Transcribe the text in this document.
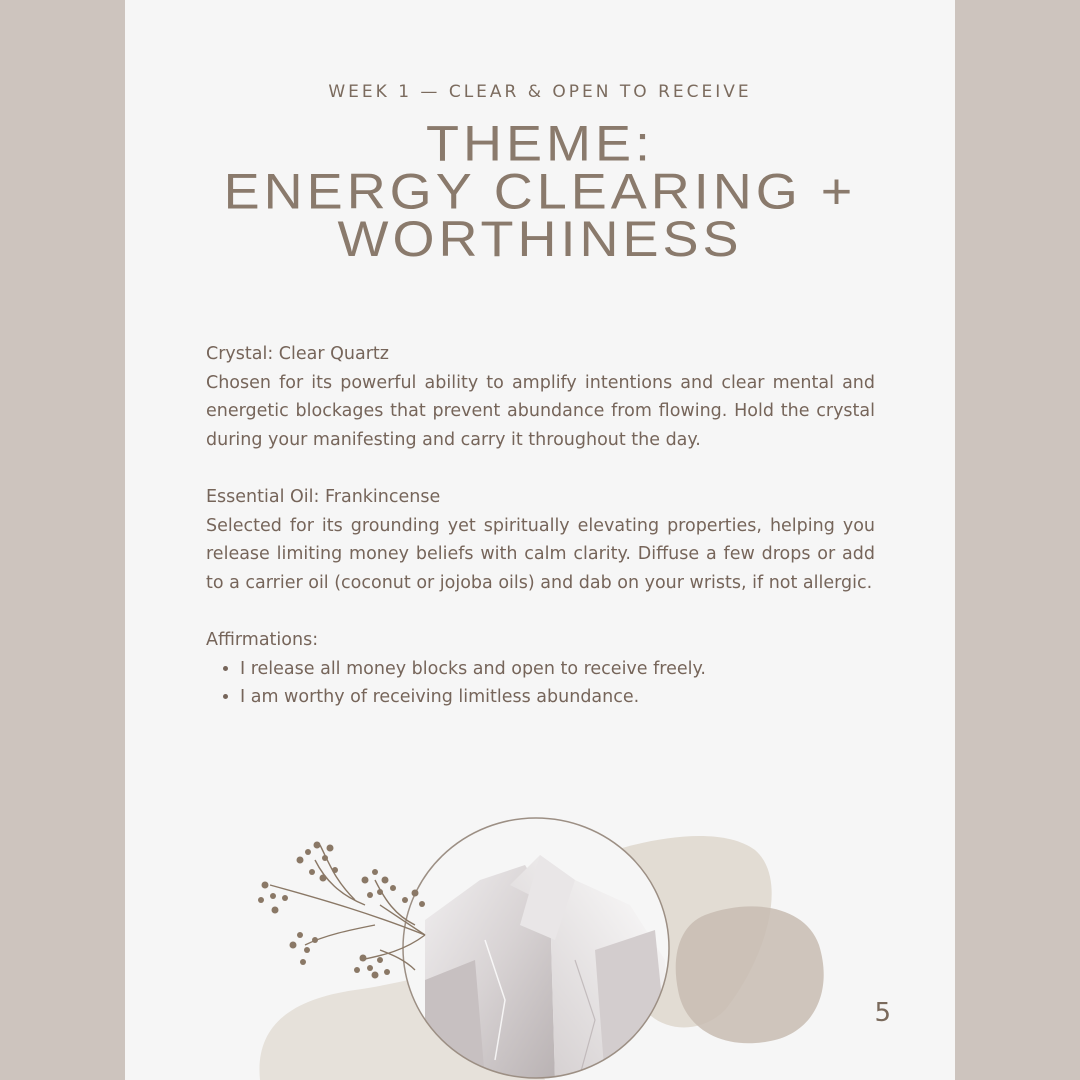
WEEK 1 — CLEAR & OPEN TO RECEIVE
THEME:
ENERGY CLEARING +
WORTHINESS

Crystal: Clear Quartz

Chosen for its powerful ability to amplify intentions and clear mental and energetic blockages that prevent abundance from flowing. Hold the crystal during your manifesting and carry it throughout the day.

Essential Oil: Frankincense

Selected for its grounding yet spiritually elevating properties, helping you release limiting money beliefs with calm clarity. Diffuse a few drops or add to a carrier oil (coconut or jojoba oils) and dab on your wrists, if not allergic.

Affirmations:

• I release all money blocks and open to receive freely.
• I am worthy of receiving limitless abundance.
5
